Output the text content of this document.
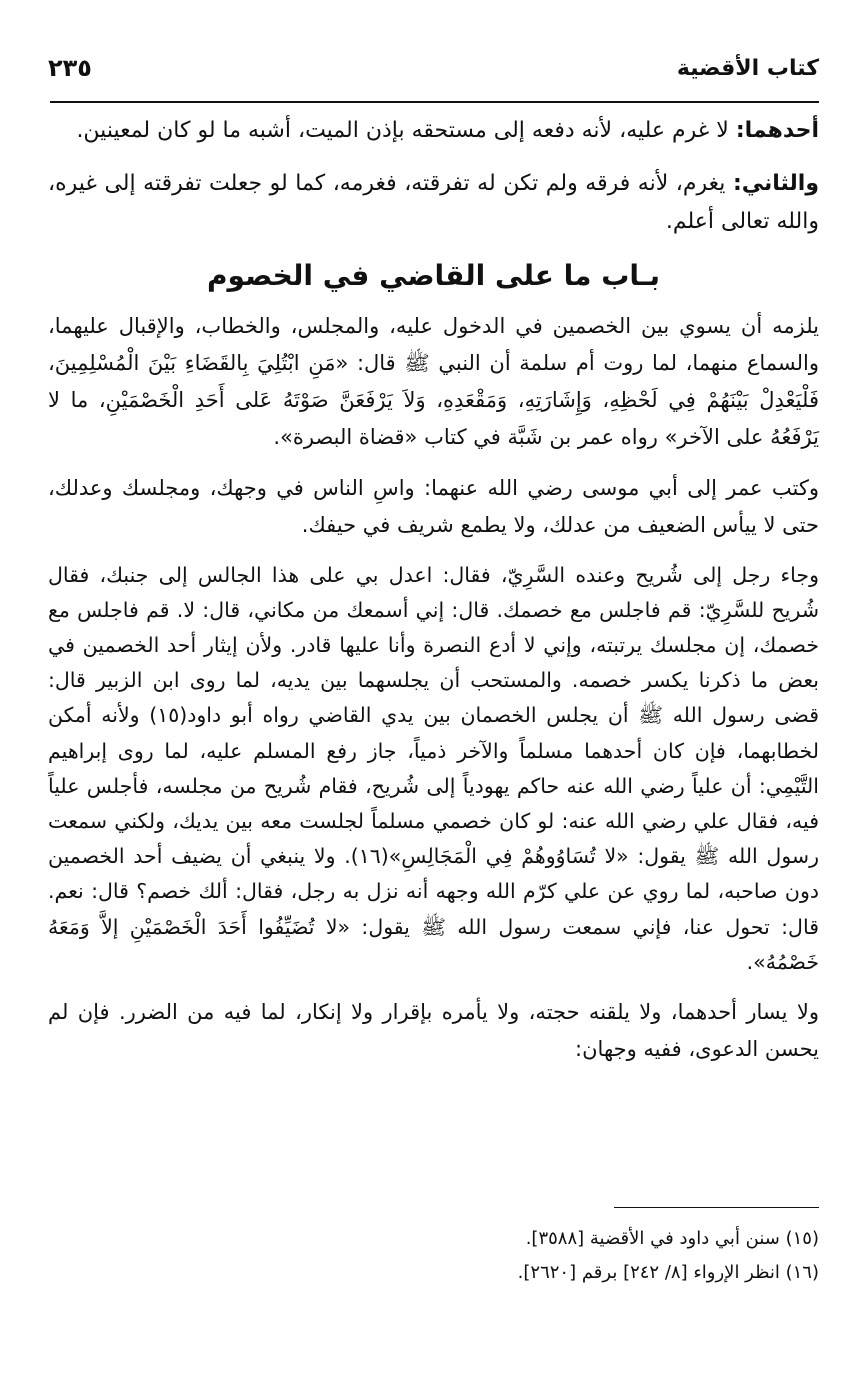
كتاب الأقضية
٢٣٥

أحدهما: لا غرم عليه، لأنه دفعه إلى مستحقه بإذن الميت، أشبه ما لو كان لمعينين.

والثاني: يغرم، لأنه فرقه ولم تكن له تفرقته، فغرمه، كما لو جعلت تفرقته إلى غيره، والله تعالى أعلم.

بـاب ما على القاضي في الخصوم

يلزمه أن يسوي بين الخصمين في الدخول عليه، والمجلس، والخطاب، والإقبال عليهما، والسماع منهما، لما روت أم سلمة أن النبي ﷺ قال: «مَنِ ابْتُلِيَ بِالقَضَاءِ بَيْنَ الْمُسْلِمِينَ، فَلْيَعْدِلْ بَيْنَهُمْ فِي لَحْظِهِ، وَإِشَارَتِهِ، وَمَقْعَدِهِ، وَلاَ يَرْفَعَنَّ صَوْتَهُ عَلى أَحَدِ الْخَصْمَيْنِ، ما لا يَرْفَعُهُ على الآخر» رواه عمر بن شَبَّة في كتاب «قضاة البصرة».

وكتب عمر إلى أبي موسى رضي الله عنهما: واسِ الناس في وجهك، ومجلسك وعدلك، حتى لا ييأس الضعيف من عدلك، ولا يطمع شريف في حيفك.

وجاء رجل إلى شُريح وعنده السَّرِيّ، فقال: اعدل بي على هذا الجالس إلى جنبك، فقال شُريح للسَّرِيّ: قم فاجلس مع خصمك. قال: إني أسمعك من مكاني، قال: لا. قم فاجلس مع خصمك، إن مجلسك يرتبته، وإني لا أدع النصرة وأنا عليها قادر. ولأن إيثار أحد الخصمين في بعض ما ذكرنا يكسر خصمه. والمستحب أن يجلسهما بين يديه، لما روى ابن الزبير قال: قضى رسول الله ﷺ أن يجلس الخصمان بين يدي القاضي رواه أبو داود(١٥) ولأنه أمكن لخطابهما، فإن كان أحدهما مسلماً والآخر ذمياً، جاز رفع المسلم عليه، لما روى إبراهيم التَّيْمِي: أن علياً رضي الله عنه حاكم يهودياً إلى شُريح، فقام شُريح من مجلسه، فأجلس علياً فيه، فقال علي رضي الله عنه: لو كان خصمي مسلماً لجلست معه بين يديك، ولكني سمعت رسول الله ﷺ يقول: «لا تُسَاوُوهُمْ فِي الْمَجَالِسِ»(١٦). ولا ينبغي أن يضيف أحد الخصمين دون صاحبه، لما روي عن علي كرّم الله وجهه أنه نزل به رجل، فقال: ألك خصم؟ قال: نعم. قال: تحول عنا، فإني سمعت رسول الله ﷺ يقول: «لا تُضَيِّفُوا أَحَدَ الْخَصْمَيْنِ إلاَّ وَمَعَهُ خَصْمُهُ».

ولا يسار أحدهما، ولا يلقنه حجته، ولا يأمره بإقرار ولا إنكار، لما فيه من الضرر. فإن لم يحسن الدعوى، ففيه وجهان:

(١٥) سنن أبي داود في الأقضية [٣٥٨٨].
(١٦) انظر الإرواء [٨/ ٢٤٢] برقم [٢٦٢٠].
